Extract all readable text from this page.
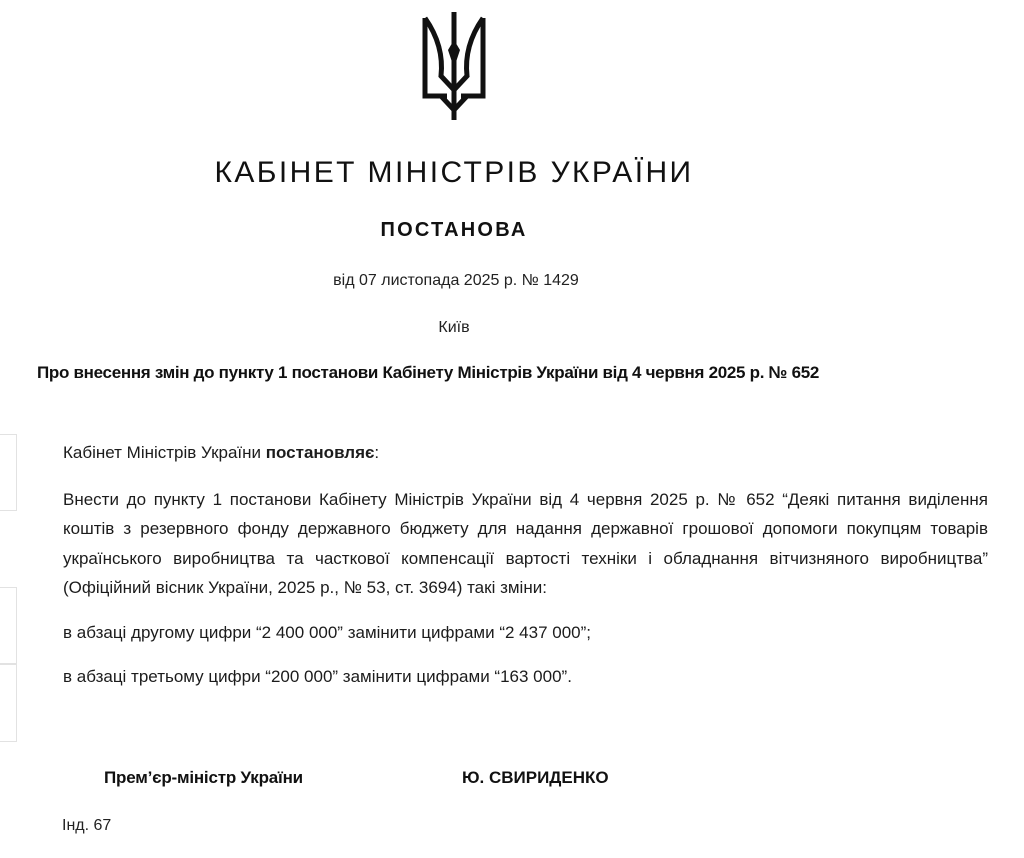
КАБІНЕТ МІНІСТРІВ УКРАЇНИ
ПОСТАНОВА
від 07 листопада 2025 р. № 1429
Київ
Про внесення змін до пункту 1 постанови Кабінету Міністрів України від 4 червня 2025 р. № 652

Кабінет Міністрів України постановляє:

Внести до пункту 1 постанови Кабінету Міністрів України від 4 червня 2025 р. № 652 “Деякі питання виділення коштів з резервного фонду державного бюджету для надання державної грошової допомоги покупцям товарів українського виробництва та часткової компенсації вартості техніки і обладнання вітчизняного виробництва” (Офіційний вісник України, 2025 р., № 53, ст. 3694) такі зміни:

в абзаці другому цифри “2 400 000” замінити цифрами “2 437 000”;

в абзаці третьому цифри “200 000” замінити цифрами “163 000”.

Прем’єр-міністр України	Ю. СВИРИДЕНКО
Інд. 67
